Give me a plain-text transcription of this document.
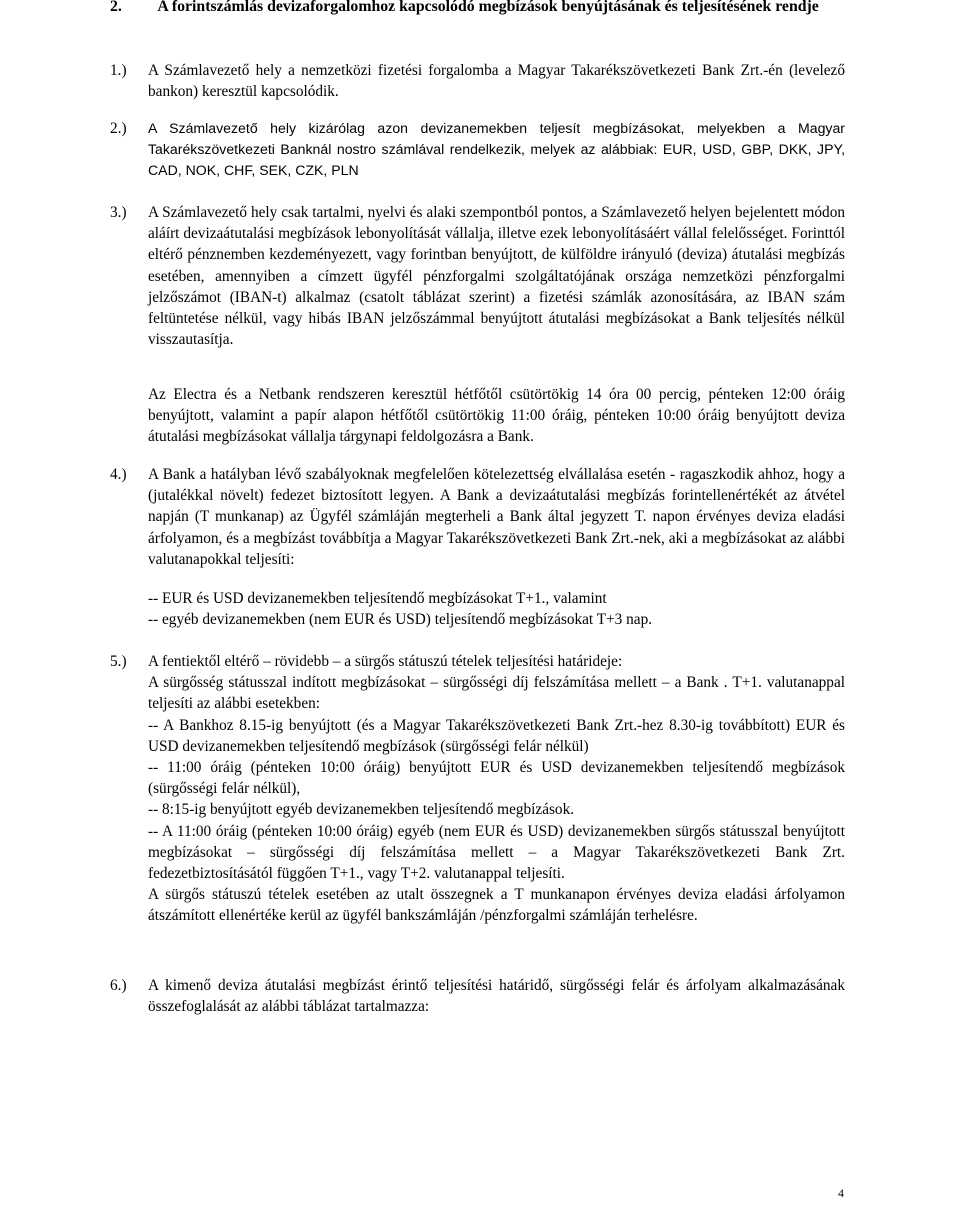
2.         A forintszámlás devizaforgalomhoz kapcsolódó megbízások benyújtásának és teljesítésének rendje
1.)	A Számlavezető hely a nemzetközi fizetési forgalomba a Magyar Takarékszövetkezeti Bank Zrt.-én (levelező bankon) keresztül kapcsolódik.

2.)	A Számlavezető hely kizárólag azon devizanemekben teljesít megbízásokat, melyekben a Magyar Takarékszövetkezeti Banknál nostro számlával rendelkezik, melyek az alábbiak: EUR, USD, GBP, DKK, JPY, CAD, NOK, CHF, SEK, CZK, PLN

3.)	A Számlavezető hely csak tartalmi, nyelvi és alaki szempontból pontos, a Számlavezető helyen bejelentett módon aláírt devizaátutalási megbízások lebonyolítását vállalja, illetve ezek lebonyolításáért vállal felelősséget. Forinttól eltérő pénznemben kezdeményezett, vagy forintban benyújtott, de külföldre irányuló (deviza) átutalási megbízás esetében, amennyiben a címzett ügyfél pénzforgalmi szolgáltatójának országa nemzetközi pénzforgalmi jelzőszámot (IBAN-t) alkalmaz (csatolt táblázat szerint) a fizetési számlák azonosítására, az IBAN szám feltüntetése nélkül, vagy hibás IBAN jelzőszámmal benyújtott átutalási megbízásokat a Bank teljesítés nélkül visszautasítja.

Az Electra és a Netbank rendszeren keresztül hétfőtől csütörtökig 14 óra 00 percig, pénteken 12:00 óráig benyújtott, valamint a papír alapon hétfőtől csütörtökig 11:00 óráig, pénteken 10:00 óráig benyújtott deviza átutalási megbízásokat vállalja tárgynapi feldolgozásra a Bank.

4.)	A Bank a hatályban lévő szabályoknak megfelelően kötelezettség elvállalása esetén - ragaszkodik ahhoz, hogy a (jutalékkal növelt) fedezet biztosított legyen. A Bank a devizaátutalási megbízás forintellenértékét az átvétel napján (T munkanap) az Ügyfél számláján megterheli a Bank által jegyzett T. napon érvényes deviza eladási árfolyamon, és a megbízást továbbítja a Magyar Takarékszövetkezeti Bank Zrt.-nek, aki a megbízásokat az alábbi valutanapokkal teljesíti:

-- EUR és USD devizanemekben teljesítendő megbízásokat T+1., valamint
-- egyéb devizanemekben (nem EUR és USD) teljesítendő megbízásokat T+3 nap.
5.)	A fentiektől eltérő – rövidebb – a sürgős státuszú tételek teljesítési határideje:
A sürgősség státusszal indított megbízásokat – sürgősségi díj felszámítása mellett – a Bank . T+1. valutanappal teljesíti az alábbi esetekben:
-- A Bankhoz 8.15-ig benyújtott (és a Magyar Takarékszövetkezeti Bank Zrt.-hez 8.30-ig továbbított) EUR és USD devizanemekben teljesítendő megbízások (sürgősségi felár nélkül)
-- 11:00 óráig (pénteken 10:00 óráig) benyújtott EUR és USD devizanemekben teljesítendő megbízások (sürgősségi felár nélkül),
-- 8:15-ig benyújtott egyéb devizanemekben teljesítendő megbízások.
-- A 11:00 óráig (pénteken 10:00 óráig) egyéb (nem EUR és USD) devizanemekben sürgős státusszal benyújtott megbízásokat – sürgősségi díj felszámítása mellett – a Magyar Takarékszövetkezeti Bank Zrt. fedezetbiztosításától függően T+1., vagy T+2. valutanappal teljesíti.
A sürgős státuszú tételek esetében az utalt összegnek a T munkanapon érvényes deviza eladási árfolyamon átszámított ellenértéke kerül az ügyfél bankszámláján /pénzforgalmi számláján terhelésre.
6.)	A kimenő deviza átutalási megbízást érintő teljesítési határidő, sürgősségi felár és árfolyam alkalmazásának összefoglalását az alábbi táblázat tartalmazza:

4
